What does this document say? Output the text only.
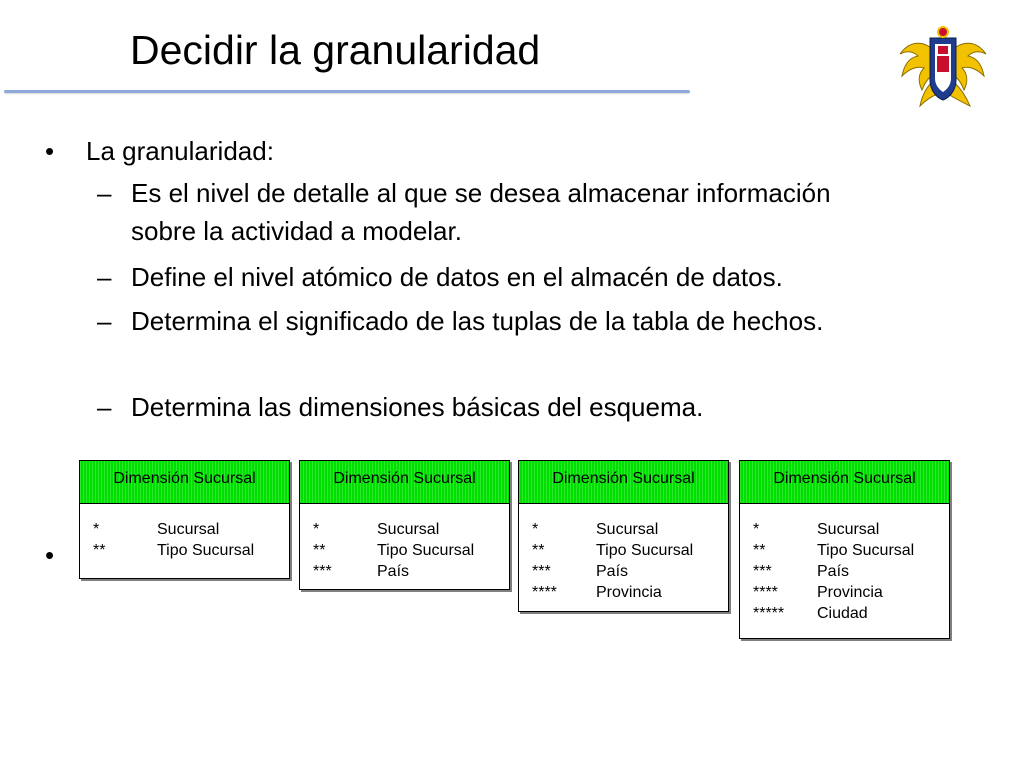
Decidir la granularidad
• La granularidad:
– Es el nivel de detalle al que se desea almacenar información sobre la actividad a modelar.
– Define el nivel atómico de datos en el almacén de datos.
– Determina el significado de las tuplas de la tabla de hechos.
– Determina las dimensiones básicas del esquema.
•
Dimensión Sucursal
*	Sucursal
**	Tipo Sucursal
Dimensión Sucursal
*	Sucursal
**	Tipo Sucursal
***	País
Dimensión Sucursal
*	Sucursal
**	Tipo Sucursal
***	País
**** Provincia
Dimensión Sucursal
*	Sucursal
**	Tipo Sucursal
***	País
**** Provincia
***** Ciudad
